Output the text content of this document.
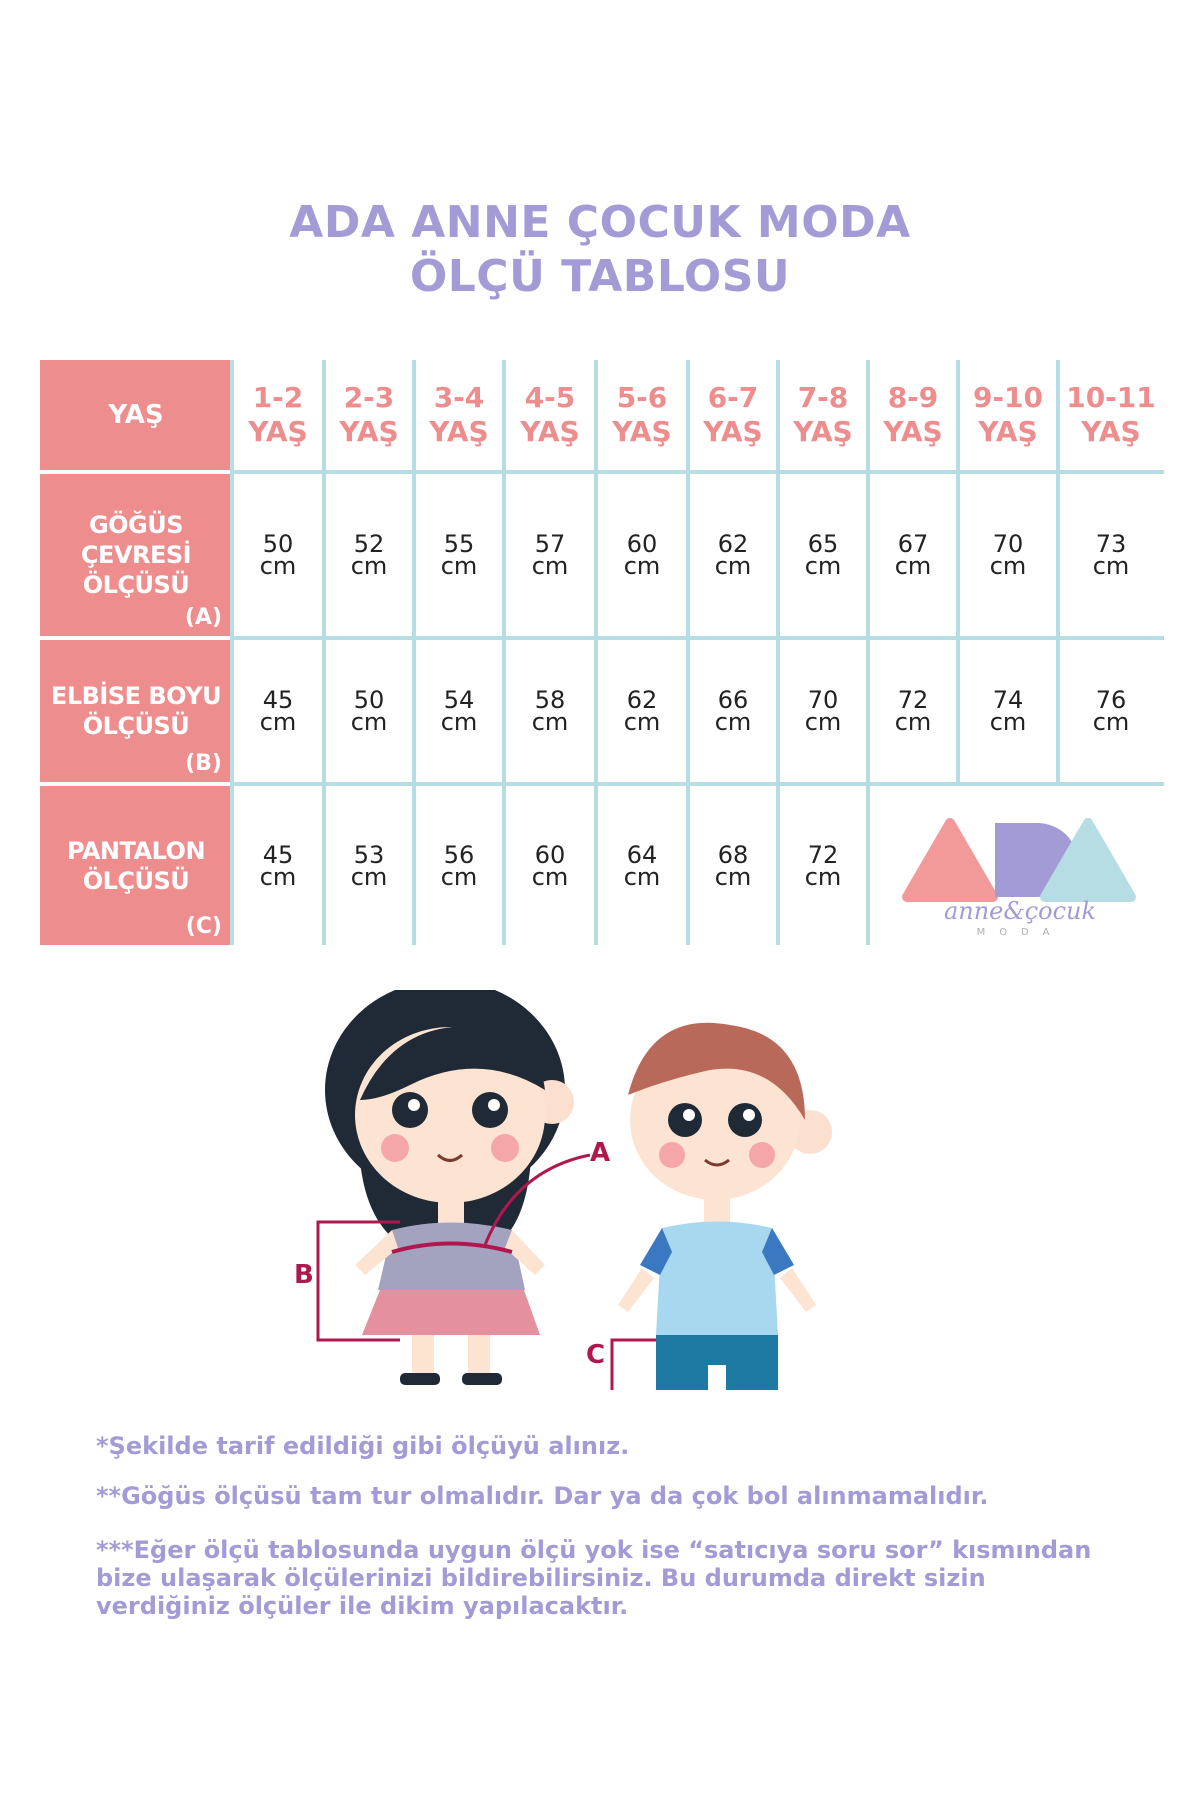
ADA ANNE ÇOCUK MODA
ÖLÇÜ TABLOSU
YAŞ
1-2
YAŞ
2-3
YAŞ
3-4
YAŞ
4-5
YAŞ
5-6
YAŞ
6-7
YAŞ
7-8
YAŞ
8-9
YAŞ
9-10
YAŞ
10-11
YAŞ
GÖĞÜS
ÇEVRESİ
ÖLÇÜSÜ
(A)
50
cm
52
cm
55
cm
57
cm
60
cm
62
cm
65
cm
67
cm
70
cm
73
cm
ELBİSE BOYU
ÖLÇÜSÜ
(B)
45
cm
50
cm
54
cm
58
cm
62
cm
66
cm
70
cm
72
cm
74
cm
76
cm
PANTALON
ÖLÇÜSÜ
(C)
45
cm
53
cm
56
cm
60
cm
64
cm
68
cm
72
cm
anne&çocuk
MODA
A
B
C
*Şekilde tarif edildiği gibi ölçüyü alınız.
**Göğüs ölçüsü tam tur olmalıdır. Dar ya da çok bol alınmamalıdır.
***Eğer ölçü tablosunda uygun ölçü yok ise “satıcıya soru sor” kısmından bize ulaşarak ölçülerinizi bildirebilirsiniz. Bu durumda direkt sizin verdiğiniz ölçüler ile dikim yapılacaktır.
